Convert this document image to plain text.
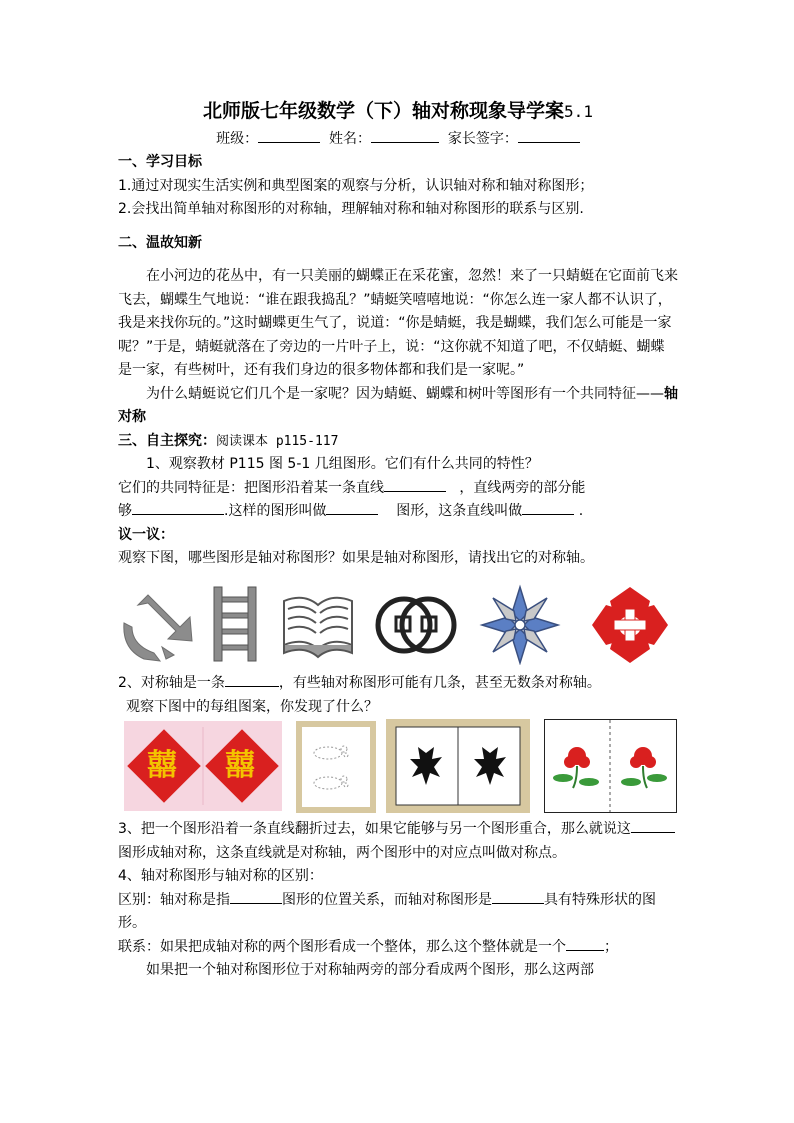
北师版七年级数学（下）轴对称现象导学案5.1
班级：	姓名：	家长签字：

一、学习目标

1.通过对现实生活实例和典型图案的观察与分析，认识轴对称和轴对称图形；

2.会找出简单轴对称图形的对称轴，理解轴对称和轴对称图形的联系与区别.

二、温故知新

在小河边的花丛中，有一只美丽的蝴蝶正在采花蜜，忽然！来了一只蜻蜓在它面前飞来飞去，蝴蝶生气地说：“谁在跟我捣乱？”蜻蜓笑嘻嘻地说：“你怎么连一家人都不认识了，我是来找你玩的。”这时蝴蝶更生气了，说道：“你是蜻蜓，我是蝴蝶，我们怎么可能是一家呢？”于是，蜻蜓就落在了旁边的一片叶子上，说：“这你就不知道了吧，不仅蜻蜓、蝴蝶是一家，有些树叶，还有我们身边的很多物体都和我们是一家呢。”

为什么蜻蜓说它们几个是一家呢？因为蜻蜓、蝴蝶和树叶等图形有一个共同特征——轴对称

三、自主探究：阅读课本 p115-117

1、观察教材 P115 图 5-1 几组图形。它们有什么共同的特性？

它们的共同特征是：把图形沿着某一条直线	，直线两旁的部分能
够	.这样的图形叫做	图形，这条直线叫做	.

议一议：

观察下图，哪些图形是轴对称图形？如果是轴对称图形，请找出它的对称轴。

2、对称轴是一条	，有些轴对称图形可能有几条，甚至无数条对称轴。

观察下图中的每组图案，你发现了什么？

囍 囍

3、把一个图形沿着一条直线翻折过去，如果它能够与另一个图形重合，那么就说这图形成轴对称，这条直线就是对称轴，两个图形中的对应点叫做对称点。

4、轴对称图形与轴对称的区别：

区别：轴对称是指	图形的位置关系，而轴对称图形是	具有特殊形状的图形。

联系：如果把成轴对称的两个图形看成一个整体，那么这个整体就是一个	；

如果把一个轴对称图形位于对称轴两旁的部分看成两个图形，那么这两部
